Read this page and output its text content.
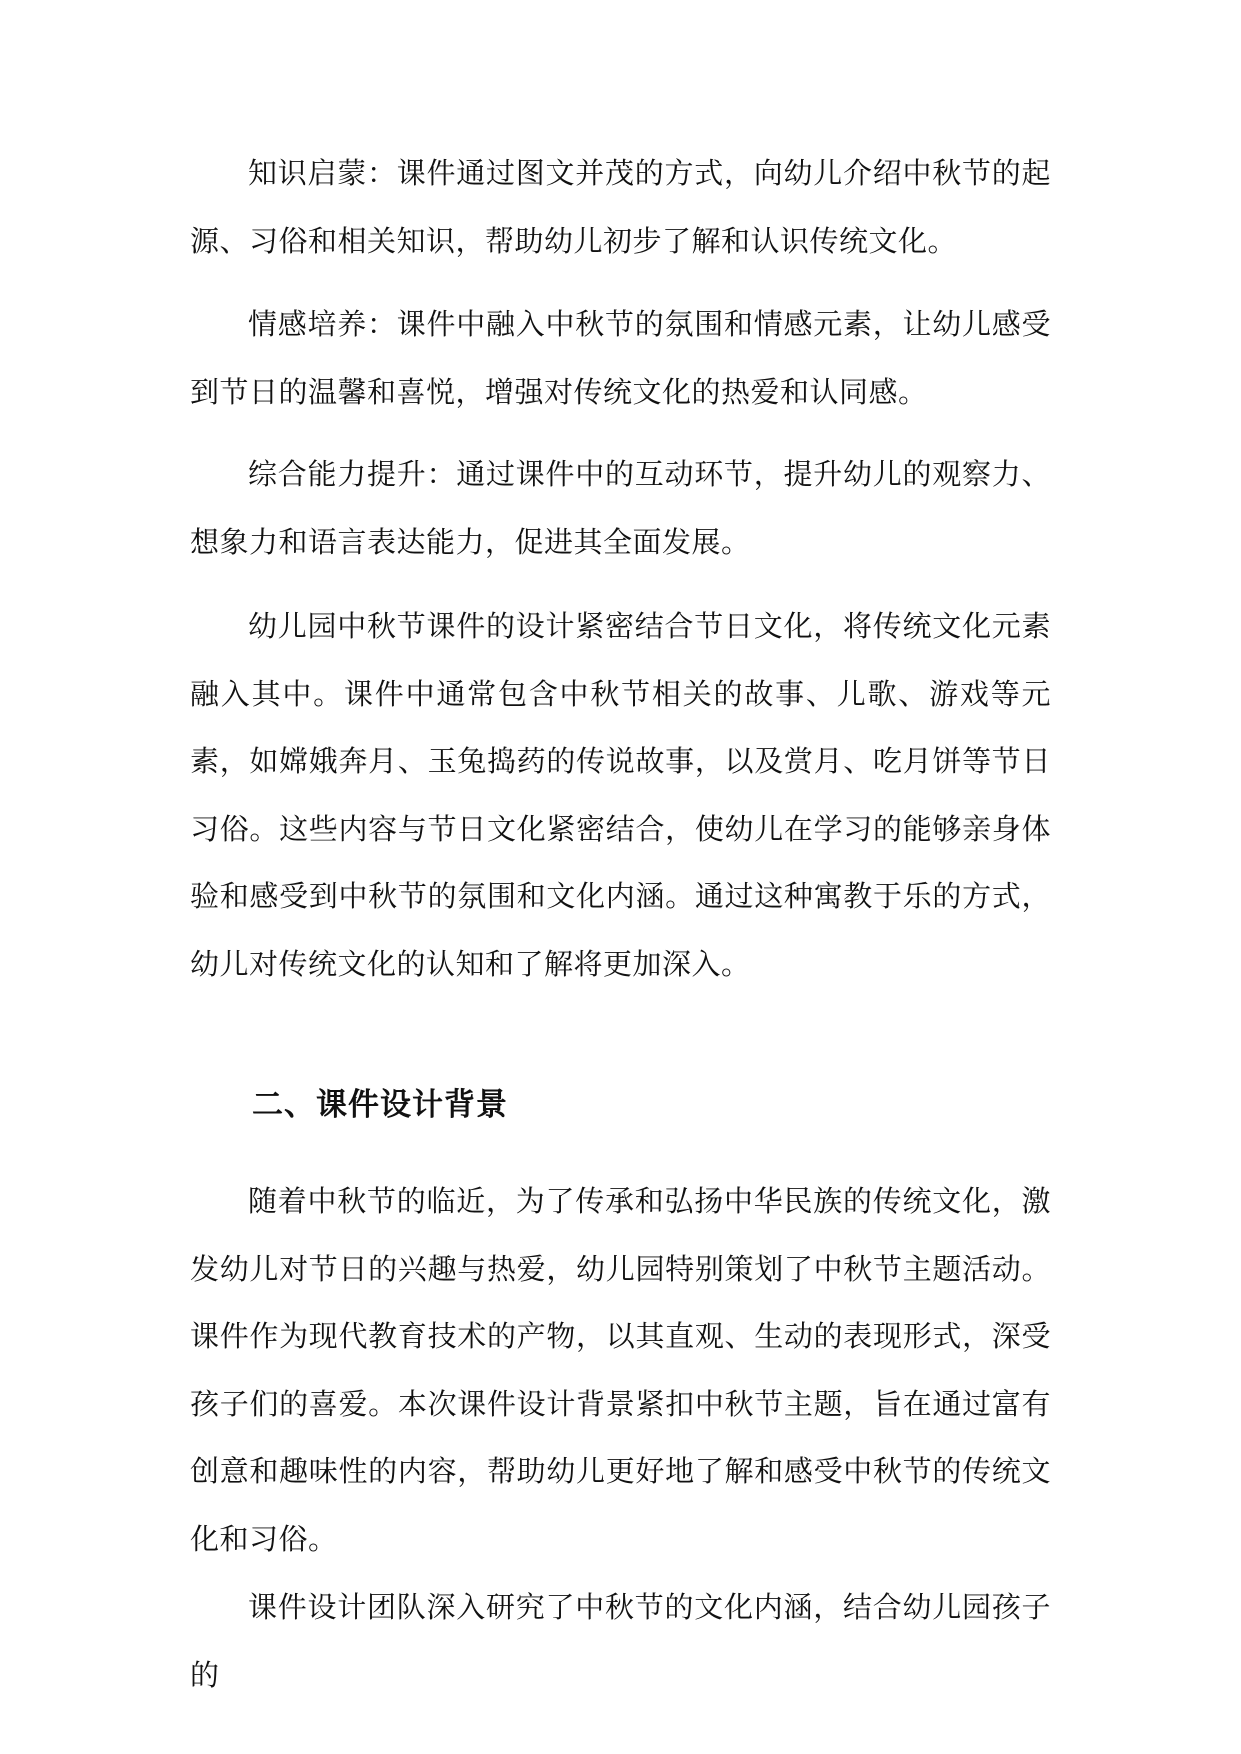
知识启蒙：课件通过图文并茂的方式，向幼儿介绍中秋节的起源、习俗和相关知识，帮助幼儿初步了解和认识传统文化。

情感培养：课件中融入中秋节的氛围和情感元素，让幼儿感受到节日的温馨和喜悦，增强对传统文化的热爱和认同感。

综合能力提升：通过课件中的互动环节，提升幼儿的观察力、想象力和语言表达能力，促进其全面发展。

幼儿园中秋节课件的设计紧密结合节日文化，将传统文化元素融入其中。课件中通常包含中秋节相关的故事、儿歌、游戏等元素，如嫦娥奔月、玉兔捣药的传说故事，以及赏月、吃月饼等节日习俗。这些内容与节日文化紧密结合，使幼儿在学习的能够亲身体验和感受到中秋节的氛围和文化内涵。通过这种寓教于乐的方式，幼儿对传统文化的认知和了解将更加深入。

二、课件设计背景

随着中秋节的临近，为了传承和弘扬中华民族的传统文化，激发幼儿对节日的兴趣与热爱，幼儿园特别策划了中秋节主题活动。课件作为现代教育技术的产物，以其直观、生动的表现形式，深受孩子们的喜爱。本次课件设计背景紧扣中秋节主题，旨在通过富有创意和趣味性的内容，帮助幼儿更好地了解和感受中秋节的传统文化和习俗。

课件设计团队深入研究了中秋节的文化内涵，结合幼儿园孩子的
